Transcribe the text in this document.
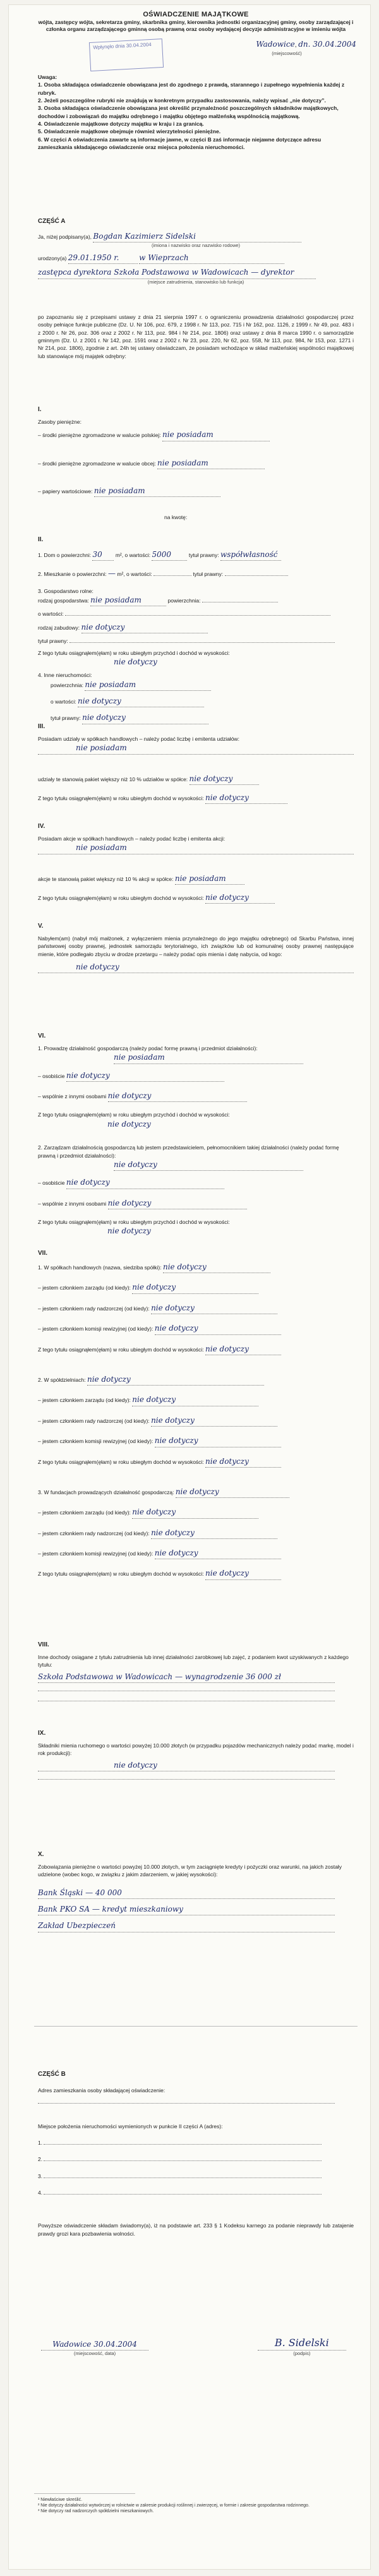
Wpłynęło dnia 30.04.2004	Wadowice, dn. 30.04.2004
(miejscowość)
OŚWIADCZENIE MAJĄTKOWE
wójta, zastępcy wójta, sekretarza gminy, skarbnika gminy, kierownika jednostki organizacyjnej gminy, osoby zarządzającej i członka organu zarządzającego gminną osobą prawną oraz osoby wydającej decyzje administracyjne w imieniu wójta
Uwaga:
1. Osoba składająca oświadczenie obowiązana jest do zgodnego z prawdą, starannego i zupełnego wypełnienia każdej z rubryk.
2. Jeżeli poszczególne rubryki nie znajdują w konkretnym przypadku zastosowania, należy wpisać „nie dotyczy”.
3. Osoba składająca oświadczenie obowiązana jest określić przynależność poszczególnych składników majątkowych, dochodów i zobowiązań do majątku odrębnego i majątku objętego małżeńską wspólnością majątkową.
4. Oświadczenie majątkowe dotyczy majątku w kraju i za granicą.
5. Oświadczenie majątkowe obejmuje również wierzytelności pieniężne.
6. W części A oświadczenia zawarte są informacje jawne, w części B zaś informacje niejawne dotyczące adresu zamieszkania składającego oświadczenie oraz miejsca położenia nieruchomości.
CZĘŚĆ A
Ja, niżej podpisany(a), Bogdan Kazimierz Sidelski
(imiona i nazwisko oraz nazwisko rodowe)
urodzony(a) 29.01.1950 r.	w Wieprzach
zastępca dyrektora Szkoła Podstawowa w Wadowicach — dyrektor
(miejsce zatrudnienia, stanowisko lub funkcja)
po zapoznaniu się z przepisami ustawy z dnia 21 sierpnia 1997 r. o ograniczeniu prowadzenia działalności gospodarczej przez osoby pełniące funkcje publiczne (Dz. U. Nr 106, poz. 679, z 1998 r. Nr 113, poz. 715 i Nr 162, poz. 1126, z 1999 r. Nr 49, poz. 483 i z 2000 r. Nr 26, poz. 306 oraz z 2002 r. Nr 113, poz. 984 i Nr 214, poz. 1806) oraz ustawy z dnia 8 marca 1990 r. o samorządzie gminnym (Dz. U. z 2001 r. Nr 142, poz. 1591 oraz z 2002 r. Nr 23, poz. 220, Nr 62, poz. 558, Nr 113, poz. 984, Nr 153, poz. 1271 i Nr 214, poz. 1806), zgodnie z art. 24h tej ustawy oświadczam, że posiadam wchodzące w skład małżeńskiej wspólności majątkowej lub stanowiące mój majątek odrębny:
I.
Zasoby pieniężne:
– środki pieniężne zgromadzone w walucie polskiej: nie posiadam
– środki pieniężne zgromadzone w walucie obcej: nie posiadam
– papiery wartościowe: nie posiadam
na kwotę:
II.
1. Dom o powierzchni: 30 m², o wartości: 5000	tytuł prawny: współwłasność
2. Mieszkanie o powierzchni: — m², o wartości:	tytuł prawny:
3. Gospodarstwo rolne:
rodzaj gospodarstwa: nie posiadam	powierzchnia:
o wartości:
rodzaj zabudowy: nie dotyczy
tytuł prawny:
Z tego tytułu osiągnąłem(ęłam) w roku ubiegłym przychód i dochód w wysokości:
nie dotyczy
4. Inne nieruchomości:
powierzchnia: nie posiadam
o wartości: nie dotyczy
tytuł prawny: nie dotyczy
III.
Posiadam udziały w spółkach handlowych – należy podać liczbę i emitenta udziałów:
nie posiadam
udziały te stanowią pakiet większy niż 10 % udziałów w spółce: nie dotyczy
Z tego tytułu osiągnąłem(ęłam) w roku ubiegłym dochód w wysokości: nie dotyczy
IV.
Posiadam akcje w spółkach handlowych – należy podać liczbę i emitenta akcji:
nie posiadam
akcje te stanowią pakiet większy niż 10 % akcji w spółce: nie posiadam
Z tego tytułu osiągnąłem(ęłam) w roku ubiegłym dochód w wysokości: nie dotyczy
V.
Nabyłem(am) (nabył mój małżonek, z wyłączeniem mienia przynależnego do jego majątku odrębnego) od Skarbu Państwa, innej państwowej osoby prawnej, jednostek samorządu terytorialnego, ich związków lub od komunalnej osoby prawnej następujące mienie, które podlegało zbyciu w drodze przetargu – należy podać opis mienia i datę nabycia, od kogo:
nie dotyczy
VI.
1. Prowadzę działalność gospodarczą (należy podać formę prawną i przedmiot działalności):
nie posiadam
– osobiście nie dotyczy
– wspólnie z innymi osobami nie dotyczy
Z tego tytułu osiągnąłem(ęłam) w roku ubiegłym przychód i dochód w wysokości:
nie dotyczy
2. Zarządzam działalnością gospodarczą lub jestem przedstawicielem, pełnomocnikiem takiej działalności (należy podać formę prawną i przedmiot działalności):
nie dotyczy
– osobiście nie dotyczy
– wspólnie z innymi osobami nie dotyczy
Z tego tytułu osiągnąłem(ęłam) w roku ubiegłym przychód i dochód w wysokości:
nie dotyczy
VII.
1. W spółkach handlowych (nazwa, siedziba spółki): nie dotyczy
– jestem członkiem zarządu (od kiedy): nie dotyczy
– jestem członkiem rady nadzorczej (od kiedy): nie dotyczy
– jestem członkiem komisji rewizyjnej (od kiedy): nie dotyczy
Z tego tytułu osiągnąłem(ęłam) w roku ubiegłym dochód w wysokości: nie dotyczy
2. W spółdzielniach: nie dotyczy
– jestem członkiem zarządu (od kiedy): nie dotyczy
– jestem członkiem rady nadzorczej (od kiedy): nie dotyczy
– jestem członkiem komisji rewizyjnej (od kiedy): nie dotyczy
Z tego tytułu osiągnąłem(ęłam) w roku ubiegłym dochód w wysokości: nie dotyczy
3. W fundacjach prowadzących działalność gospodarczą: nie dotyczy
– jestem członkiem zarządu (od kiedy): nie dotyczy
– jestem członkiem rady nadzorczej (od kiedy): nie dotyczy
– jestem członkiem komisji rewizyjnej (od kiedy): nie dotyczy
Z tego tytułu osiągnąłem(ęłam) w roku ubiegłym dochód w wysokości: nie dotyczy
VIII.
Inne dochody osiągane z tytułu zatrudnienia lub innej działalności zarobkowej lub zajęć, z podaniem kwot uzyskiwanych z każdego tytułu:
Szkoła Podstawowa w Wadowicach — wynagrodzenie 36 000 zł
IX.
Składniki mienia ruchomego o wartości powyżej 10.000 złotych (w przypadku pojazdów mechanicznych należy podać markę, model i rok produkcji):
nie dotyczy
X.
Zobowiązania pieniężne o wartości powyżej 10.000 złotych, w tym zaciągnięte kredyty i pożyczki oraz warunki, na jakich zostały udzielone (wobec kogo, w związku z jakim zdarzeniem, w jakiej wysokości):
Bank Śląski — 40 000 Bank PKO SA — kredyt mieszkaniowy Zakład Ubezpieczeń
CZĘŚĆ B
Adres zamieszkania osoby składającej oświadczenie:
Miejsce położenia nieruchomości wymienionych w punkcie II części A (adres):
1.
2.
3.
4.
Powyższe oświadczenie składam świadomy(a), iż na podstawie art. 233 § 1 Kodeksu karnego za podanie nieprawdy lub zatajenie prawdy grozi kara pozbawienia wolności.
Wadowice 30.04.2004
(miejscowość, data)
B. Sidelski
(podpis)
¹ Niewłaściwe skreślić.
² Nie dotyczy działalności wytwórczej w rolnictwie w zakresie produkcji roślinnej i zwierzęcej, w formie i zakresie gospodarstwa rodzinnego.
³ Nie dotyczy rad nadzorczych spółdzielni mieszkaniowych.
